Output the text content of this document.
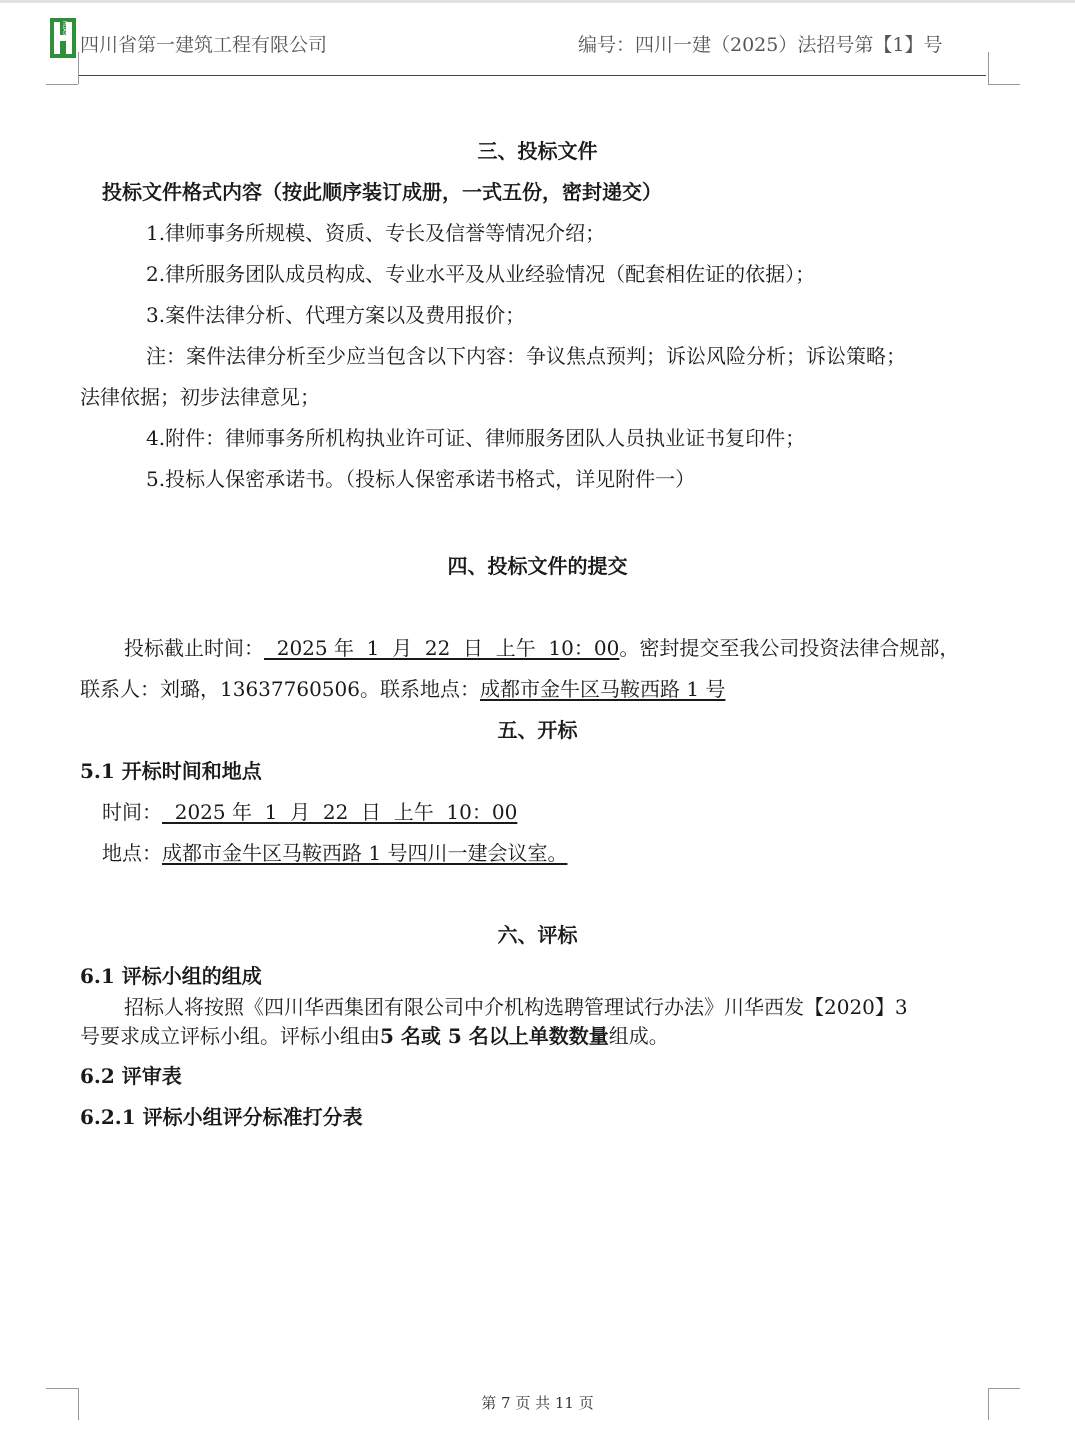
HUASHI
四川省第一建筑工程有限公司	编号：四川一建（2025）法招号第【1】号
三、投标文件
投标文件格式内容（按此顺序装订成册，一式五份，密封递交）
1.律师事务所规模、资质、专长及信誉等情况介绍；
2.律所服务团队成员构成、专业水平及从业经验情况（配套相佐证的依据）；
3.案件法律分析、代理方案以及费用报价；
注：案件法律分析至少应当包含以下内容：争议焦点预判；诉讼风险分析；诉讼策略；
法律依据；初步法律意见；
4.附件：律师事务所机构执业许可证、律师服务团队人员执业证书复印件；
5.投标人保密承诺书。（投标人保密承诺书格式，详见附件一）
四、投标文件的提交
投标截止时间：  2025 年  1  月  22  日  上午  10：00。密封提交至我公司投资法律合规部，
联系人：刘璐，13637760506。联系地点：成都市金牛区马鞍西路 1 号
五、开标
5.1 开标时间和地点
时间：  2025 年  1  月  22  日  上午  10：00
地点：成都市金牛区马鞍西路 1 号四川一建会议室。
六、评标
6.1 评标小组的组成
招标人将按照《四川华西集团有限公司中介机构选聘管理试行办法》川华西发【2020】3
号要求成立评标小组。评标小组由5 名或 5 名以上单数数量组成。
6.2 评审表
6.2.1 评标小组评分标准打分表
第 7 页 共 11 页
